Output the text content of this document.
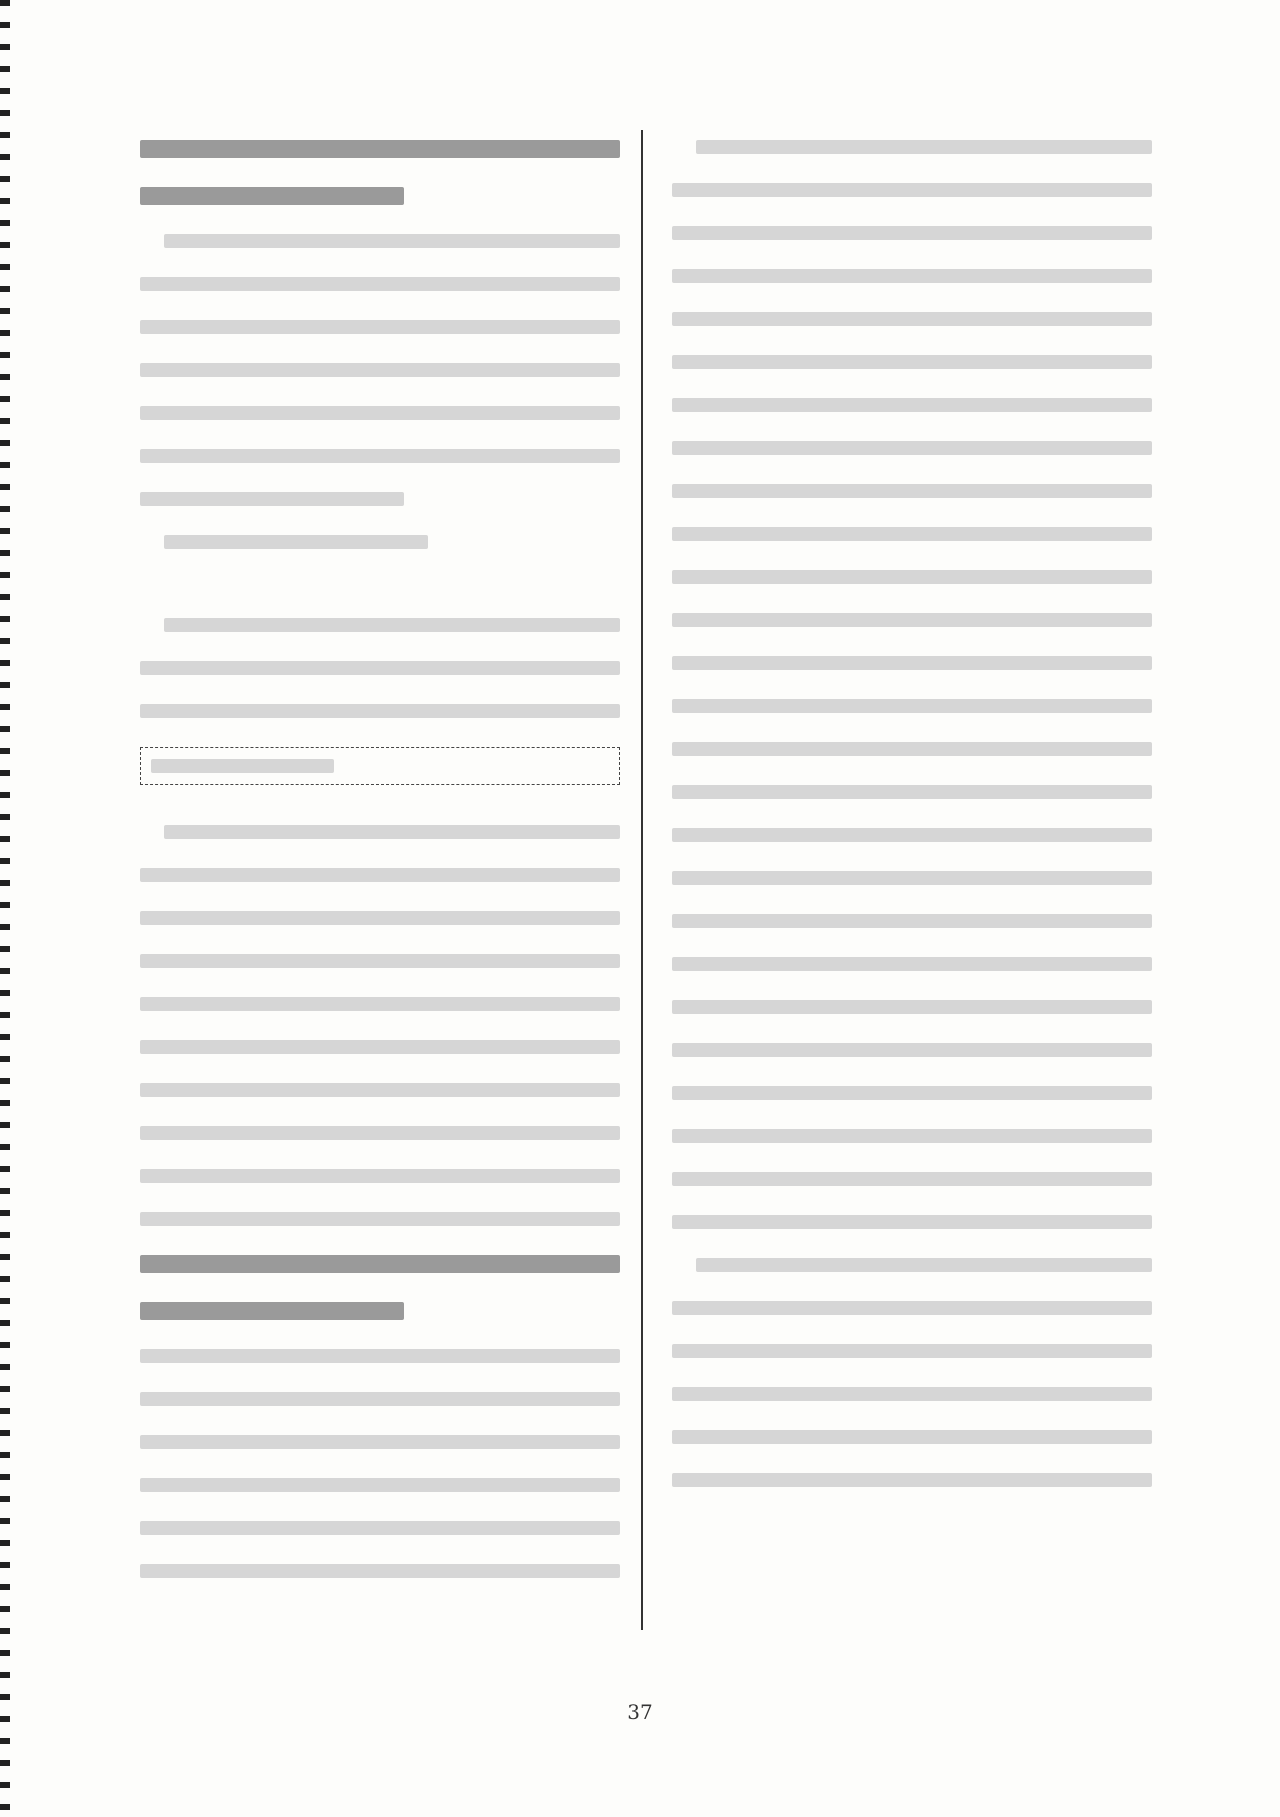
37
